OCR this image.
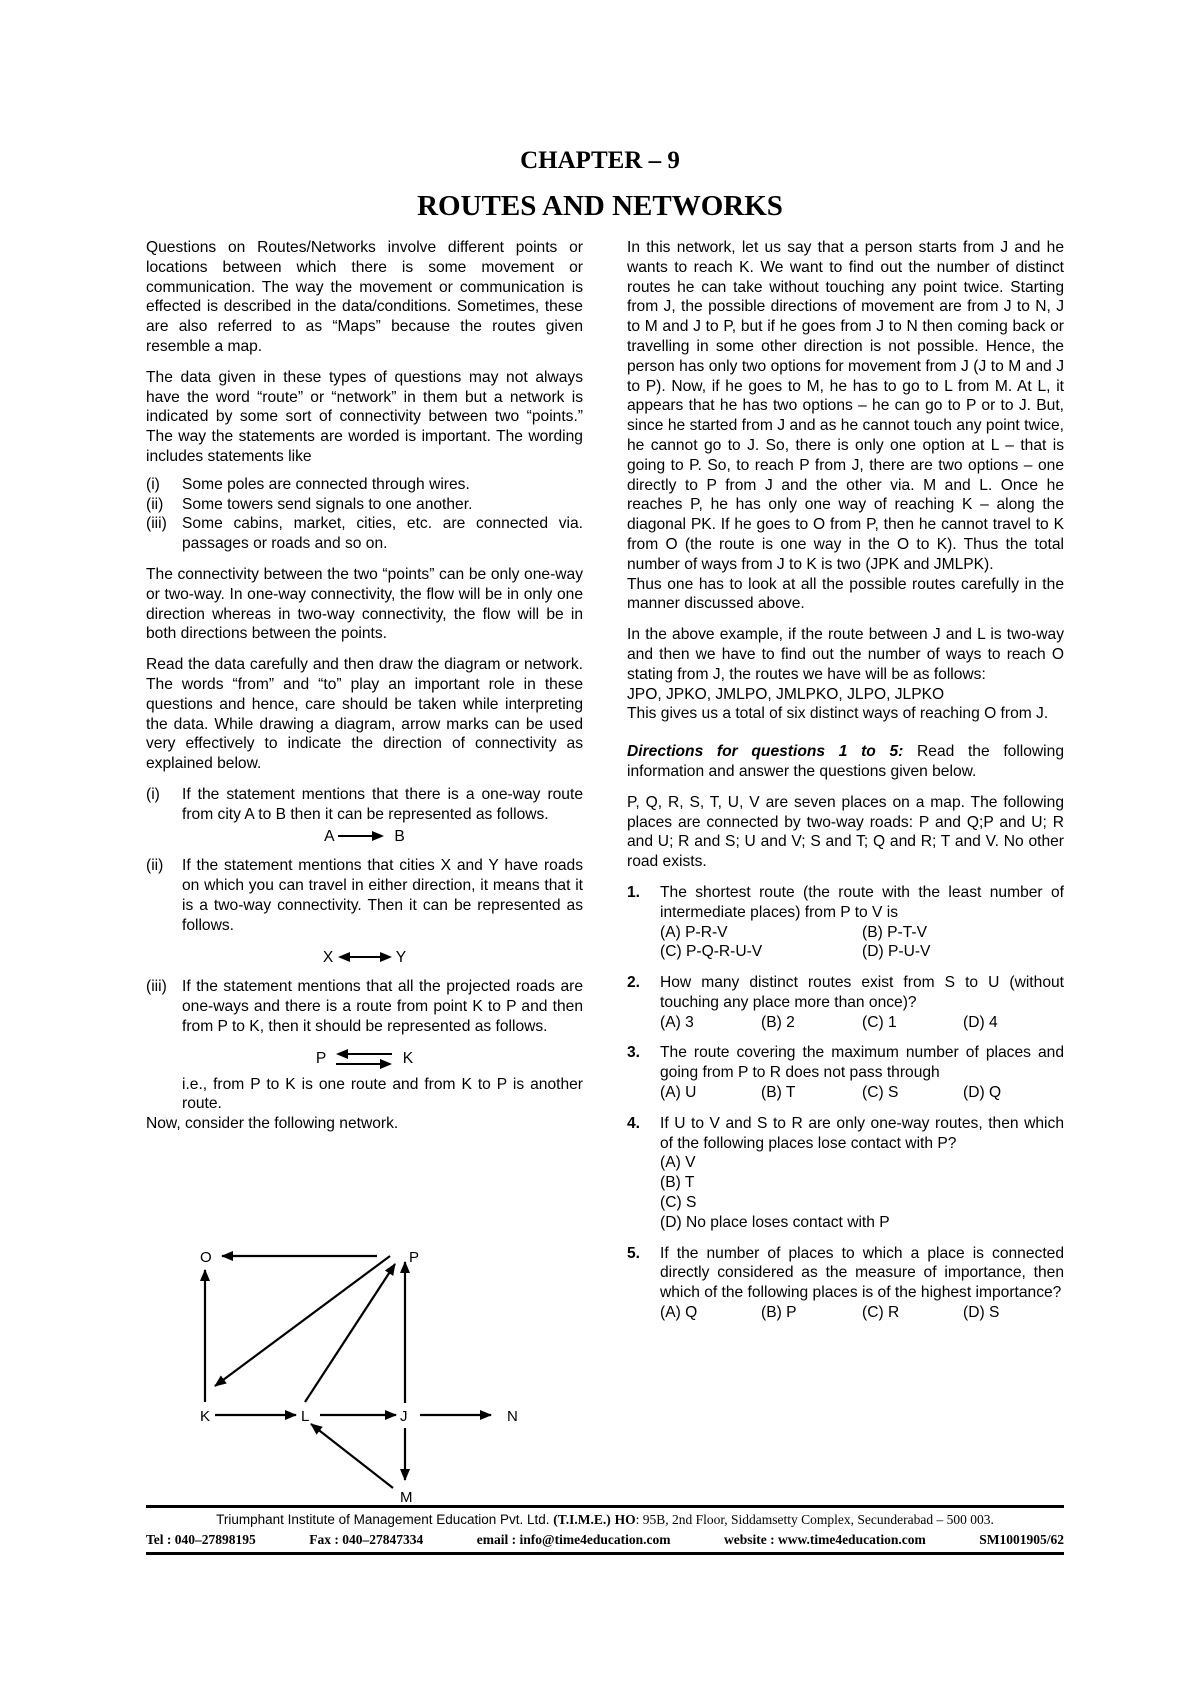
CHAPTER – 9
ROUTES AND NETWORKS

Questions on Routes/Networks involve different points or locations between which there is some movement or communication. The way the movement or communication is effected is described in the data/conditions. Sometimes, these are also referred to as “Maps” because the routes given resemble a map.

The data given in these types of questions may not always have the word “route” or “network” in them but a network is indicated by some sort of connectivity between two “points.” The way the statements are worded is important. The wording includes statements like

(i)	Some poles are connected through wires.
(ii)	Some towers send signals to one another.
(iii) Some cabins, market, cities, etc. are connected via. passages or roads and so on.

The connectivity between the two “points” can be only one-way or two-way. In one-way connectivity, the flow will be in only one direction whereas in two-way connectivity, the flow will be in both directions between the points.

Read the data carefully and then draw the diagram or network. The words “from” and “to” play an important role in these questions and hence, care should be taken while interpreting the data. While drawing a diagram, arrow marks can be used very effectively to indicate the direction of connectivity as explained below.

(i)	If the statement mentions that there is a one-way route from city A to B then it can be represented as follows.
A	B
(ii)	If the statement mentions that cities X and Y have roads on which you can travel in either direction, it means that it is a two-way connectivity. Then it can be represented as follows.
X	Y
(iii) If the statement mentions that all the projected roads are one-ways and there is a route from point K to P and then from P to K, then it should be represented as follows.
P	K
i.e., from P to K is one route and from K to P is another route.
Now, consider the following network.
O	P
K	L	J	N
M

In this network, let us say that a person starts from J and he wants to reach K. We want to find out the number of distinct routes he can take without touching any point twice. Starting from J, the possible directions of movement are from J to N, J to M and J to P, but if he goes from J to N then coming back or travelling in some other direction is not possible. Hence, the person has only two options for movement from J (J to M and J to P). Now, if he goes to M, he has to go to L from M. At L, it appears that he has two options – he can go to P or to J. But, since he started from J and as he cannot touch any point twice, he cannot go to J. So, there is only one option at L – that is going to P. So, to reach P from J, there are two options – one directly to P from J and the other via. M and L. Once he reaches P, he has only one way of reaching K – along the diagonal PK. If he goes to O from P, then he cannot travel to K from O (the route is one way in the O to K). Thus the total number of ways from J to K is two (JPK and JMLPK).

Thus one has to look at all the possible routes carefully in the manner discussed above.

In the above example, if the route between J and L is two-way and then we have to find out the number of ways to reach O stating from J, the routes we have will be as follows:

JPO, JPKO, JMLPO, JMLPKO, JLPO, JLPKO

This gives us a total of six distinct ways of reaching O from J.

Directions for questions 1 to 5: Read the following information and answer the questions given below.

P, Q, R, S, T, U, V are seven places on a map. The following places are connected by two-way roads: P and Q;P and U; R and U; R and S; U and V; S and T; Q and R; T and V. No other road exists.

1.	The shortest route (the route with the least number of intermediate places) from P to V is
(A) P-R-V	(B) P-T-V
(C) P-Q-R-U-V	(D) P-U-V
2.	How many distinct routes exist from S to U (without touching any place more than once)?
(A) 3	(B) 2	(C) 1	(D) 4
3.	The route covering the maximum number of places and going from P to R does not pass through
(A) U	(B) T	(C) S	(D) Q
4.	If U to V and S to R are only one-way routes, then which of the following places lose contact with P?
(A) V
(B) T
(C) S
(D) No place loses contact with P
5.	If the number of places to which a place is connected directly considered as the measure of importance, then which of the following places is of the highest importance?
(A) Q	(B) P	(C) R	(D) S
Triumphant Institute of Management Education Pvt. Ltd. (T.I.M.E.) HO: 95B, 2nd Floor, Siddamsetty Complex, Secunderabad – 500 003.
Tel : 040–27898195	Fax : 040–27847334	email : info@time4education.com	website : www.time4education.com	SM1001905/62
